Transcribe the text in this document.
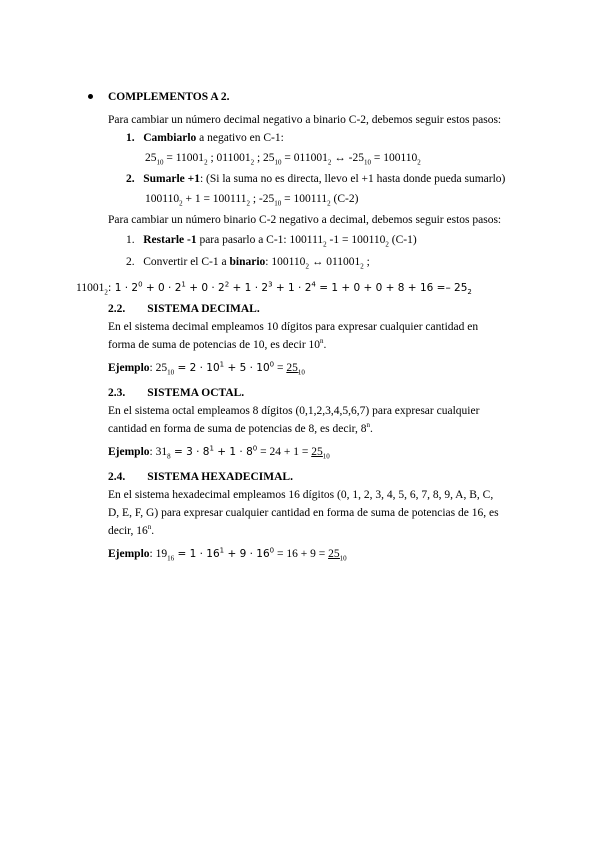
COMPLEMENTOS A 2.
Para cambiar un número decimal negativo a binario C-2, debemos seguir estos pasos:
1. Cambiarlo a negativo en C-1:
$25_{10} = 11001_2$ ; $011001_2$ ; $25_{10} = 011001_2$ ↔ $-25_{10} = 100110_2$
2. Sumarle +1: (Si la suma no es directa, llevo el +1 hasta donde pueda sumarlo)
$100110_2 + 1 = 100111_2$ ; $-25_{10} = 100111_2$ (C-2)
Para cambiar un número binario C-2 negativo a decimal, debemos seguir estos pasos:
1. Restarle -1 para pasarlo a C-1: $100111_2$ $-1 = 100110_2$ (C-1)
2. Convertir el C-1 a binario: $100110_2$ ↔ $011001_2$ ;
$11001_2$: $1 \cdot 2^0 + 0 \cdot 2^1 + 0 \cdot 2^2 + 1 \cdot 2^3 + 1 \cdot 2^4 = 1 + 0 + 0 + 8 + 16 =- 25_2$
2.2. SISTEMA DECIMAL.
En el sistema decimal empleamos 10 dígitos para expresar cualquier cantidad en
forma de suma de potencias de 10, es decir 10$^n$.
Ejemplo: $25_{10} = 2 \cdot 10^1 + 5 \cdot 10^0 = 25_{10}$
2.3. SISTEMA OCTAL.
En el sistema octal empleamos 8 dígitos (0,1,2,3,4,5,6,7) para expresar cualquier
cantidad en forma de suma de potencias de 8, es decir, 8$^n$.
Ejemplo: $31_8 = 3 \cdot 8^1 + 1 \cdot 8^0 = 24 + 1 = 25_{10}$
2.4. SISTEMA HEXADECIMAL.
En el sistema hexadecimal empleamos 16 dígitos (0, 1, 2, 3, 4, 5, 6, 7, 8, 9, A, B, C,
D, E, F, G) para expresar cualquier cantidad en forma de suma de potencias de 16, es
decir, 16$^n$.
Ejemplo: $19_{16} = 1 \cdot 16^1 + 9 \cdot 16^0 = 16 + 9 = 25_{10}$
